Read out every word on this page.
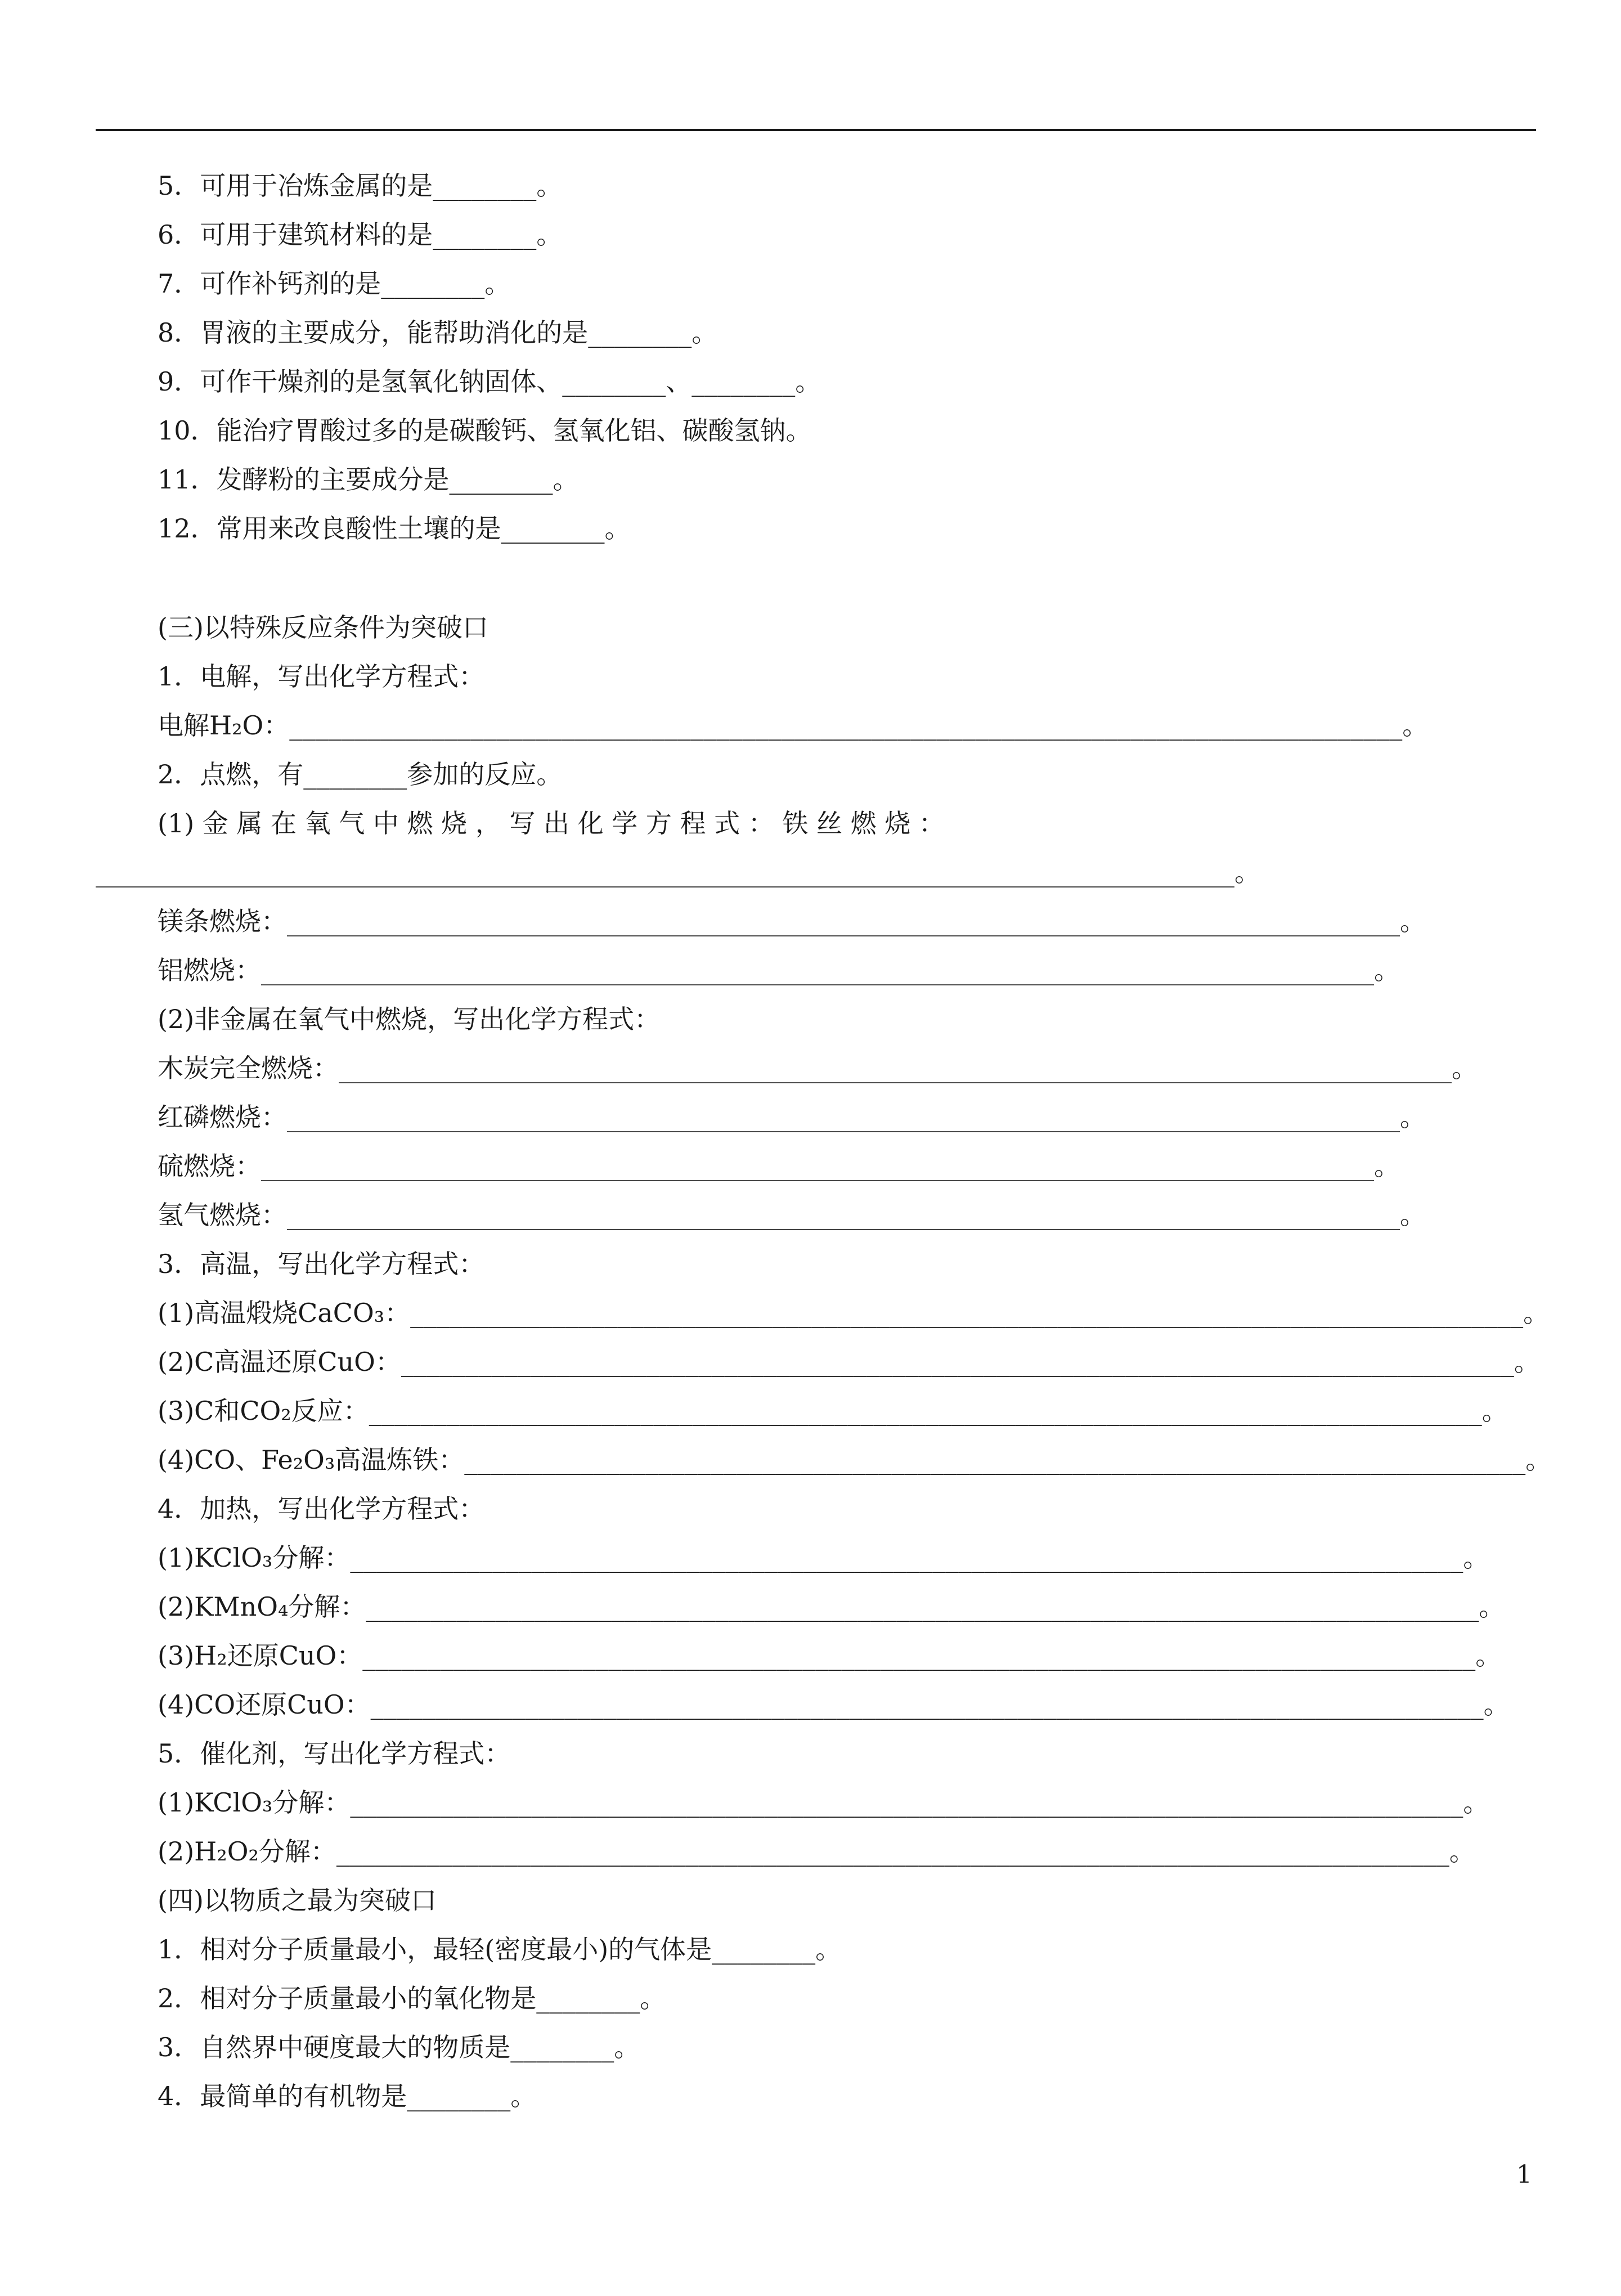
5．可用于冶炼金属的是________。
6．可用于建筑材料的是________。
7．可作补钙剂的是________。
8．胃液的主要成分，能帮助消化的是________。
9．可作干燥剂的是氢氧化钠固体、________、________。
10．能治疗胃酸过多的是碳酸钙、氢氧化铝、碳酸氢钠。
11．发酵粉的主要成分是________。
12．常用来改良酸性土壤的是________。
(三)以特殊反应条件为突破口
1．电解，写出化学方程式：
电解H₂O：______________________________________________________________________________________。
2．点燃，有________参加的反应。
(1) 金 属 在 氧 气 中 燃 烧 ， 写 出 化 学 方 程 式 ： 铁 丝 燃 烧 ：
________________________________________________________________________________________。
镁条燃烧：______________________________________________________________________________________。
铝燃烧：______________________________________________________________________________________。
(2)非金属在氧气中燃烧，写出化学方程式：
木炭完全燃烧：______________________________________________________________________________________。
红磷燃烧：______________________________________________________________________________________。
硫燃烧：______________________________________________________________________________________。
氢气燃烧：______________________________________________________________________________________。
3．高温，写出化学方程式：
(1)高温煅烧CaCO₃：______________________________________________________________________________________。
(2)C高温还原CuO：______________________________________________________________________________________。
(3)C和CO₂反应：______________________________________________________________________________________。
(4)CO、Fe₂O₃高温炼铁：__________________________________________________________________________________。
4．加热，写出化学方程式：
(1)KClO₃分解：______________________________________________________________________________________。
(2)KMnO₄分解：______________________________________________________________________________________。
(3)H₂还原CuO：______________________________________________________________________________________。
(4)CO还原CuO：______________________________________________________________________________________。
5．催化剂，写出化学方程式：
(1)KClO₃分解：______________________________________________________________________________________。
(2)H₂O₂分解：______________________________________________________________________________________。
(四)以物质之最为突破口
1．相对分子质量最小，最轻(密度最小)的气体是________。
2．相对分子质量最小的氧化物是________。
3．自然界中硬度最大的物质是________。
4．最简单的有机物是________。
1
